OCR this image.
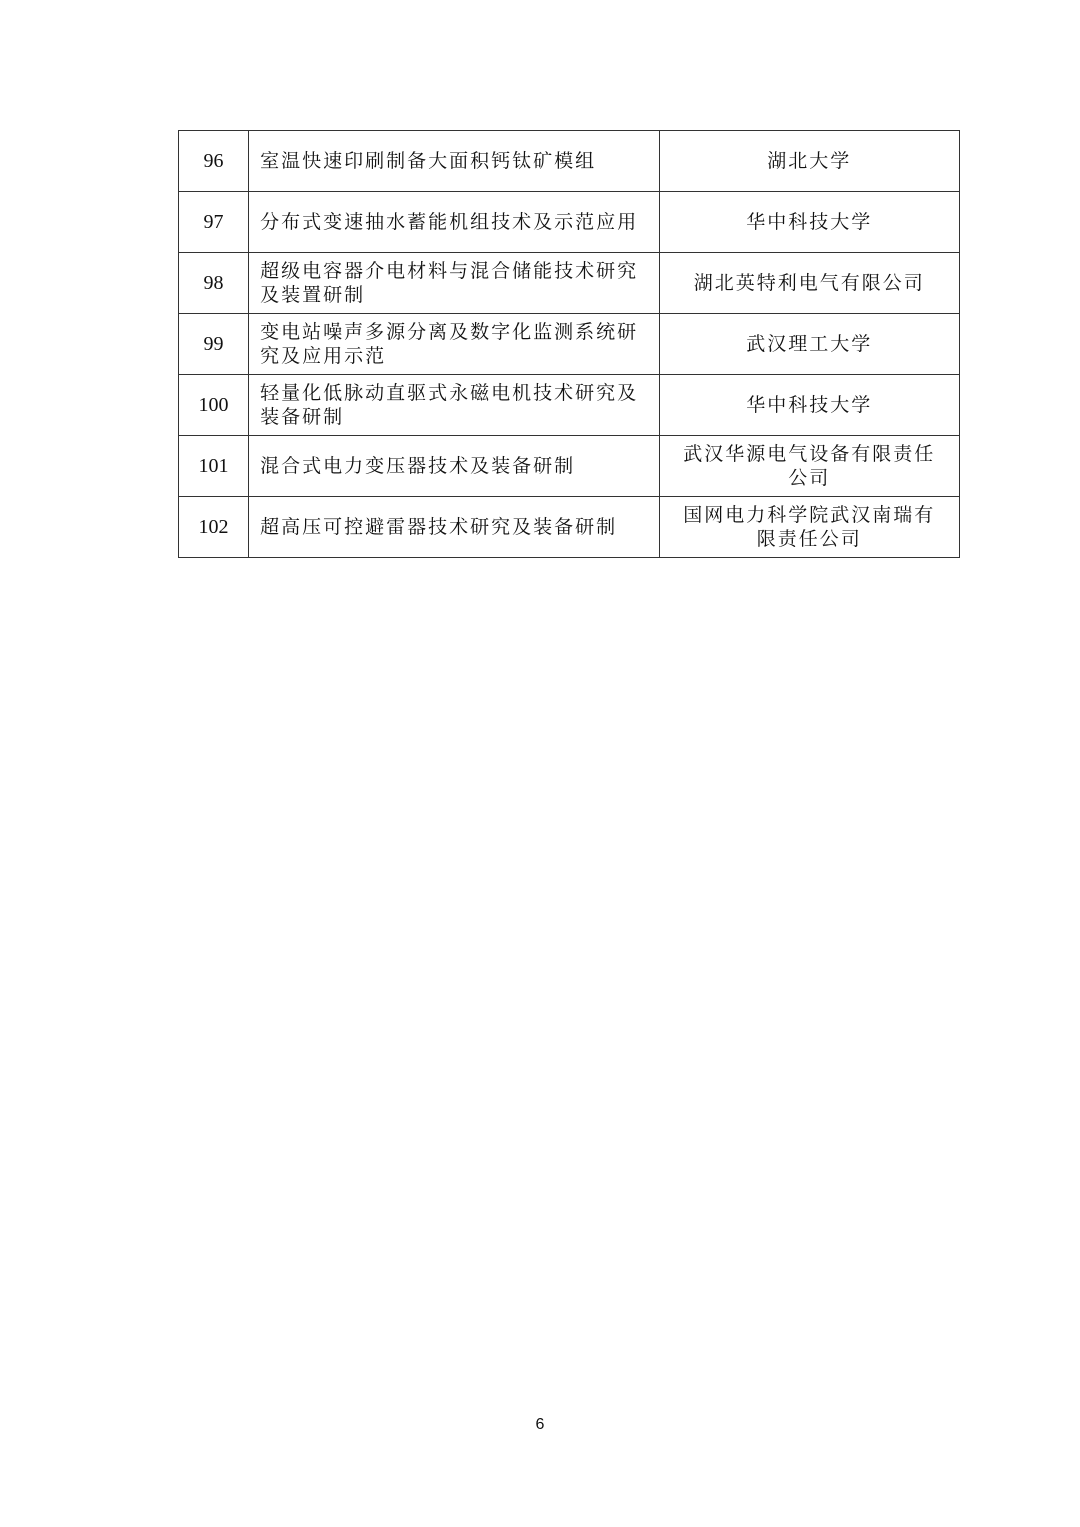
96	室温快速印刷制备大面积钙钛矿模组	湖北大学
97	分布式变速抽水蓄能机组技术及示范应用	华中科技大学
98	超级电容器介电材料与混合储能技术研究及装置研制	湖北英特利电气有限公司
99	变电站噪声多源分离及数字化监测系统研究及应用示范	武汉理工大学
100	轻量化低脉动直驱式永磁电机技术研究及装备研制	华中科技大学
101	混合式电力变压器技术及装备研制	武汉华源电气设备有限责任公司
102	超高压可控避雷器技术研究及装备研制	国网电力科学院武汉南瑞有限责任公司
6
